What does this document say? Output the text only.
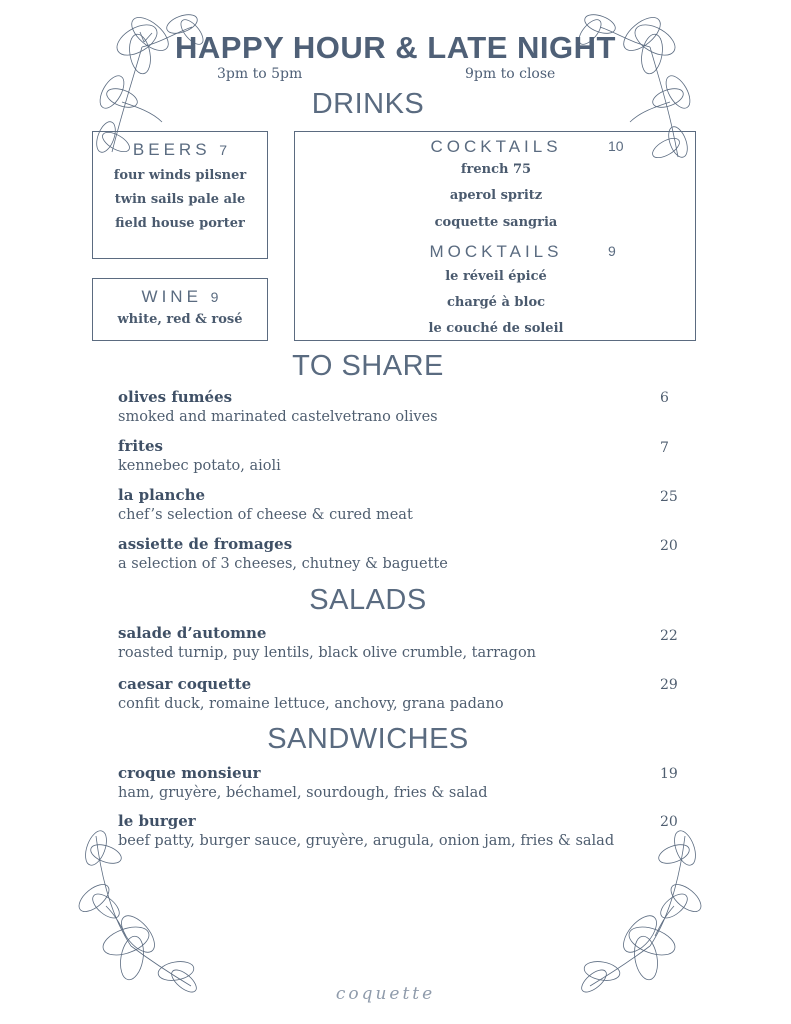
HAPPY HOUR & LATE NIGHT
3pm to 5pm	9pm to close
DRINKS
BEERS 7
four winds pilsner
twin sails pale ale
field house porter
WINE 9
white, red & rosé
COCKTAILS	10
french 75
aperol spritz
coquette sangria
MOCKTAILS	9
le réveil épicé
chargé à bloc
le couché de soleil
TO SHARE
olives fumées
smoked and marinated castelvetrano olives
6
frites
kennebec potato, aioli
7
la planche
chef’s selection of cheese & cured meat
25
assiette de fromages
a selection of 3 cheeses, chutney & baguette
20
SALADS
salade d’automne
roasted turnip, puy lentils, black olive crumble, tarragon
22
caesar coquette
confit duck, romaine lettuce, anchovy, grana padano
29
SANDWICHES
croque monsieur
ham, gruyère, béchamel, sourdough, fries & salad
19
le burger
beef patty, burger sauce, gruyère, arugula, onion jam, fries & salad
20
coquette
